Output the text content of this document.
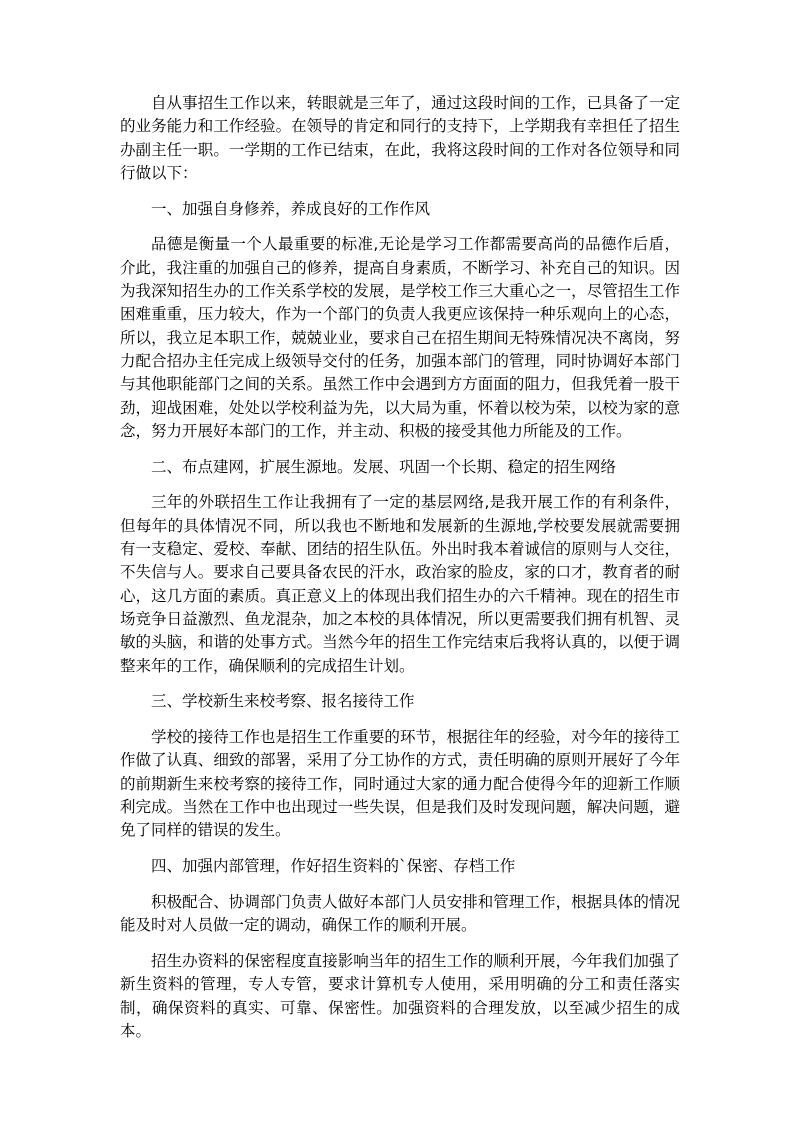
自从事招生工作以来，转眼就是三年了，通过这段时间的工作，已具备了一定的业务能力和工作经验。在领导的肯定和同行的支持下，上学期我有幸担任了招生办副主任一职。一学期的工作已结束，在此，我将这段时间的工作对各位领导和同行做以下：

一、加强自身修养，养成良好的工作作风

品德是衡量一个人最重要的标准,无论是学习工作都需要高尚的品德作后盾，介此，我注重的加强自己的修养，提高自身素质，不断学习、补充自己的知识。因为我深知招生办的工作关系学校的发展，是学校工作三大重心之一，尽管招生工作困难重重，压力较大，作为一个部门的负责人我更应该保持一种乐观向上的心态，所以，我立足本职工作，兢兢业业，要求自己在招生期间无特殊情况决不离岗，努力配合招办主任完成上级领导交付的任务，加强本部门的管理，同时协调好本部门与其他职能部门之间的关系。虽然工作中会遇到方方面面的阻力，但我凭着一股干劲，迎战困难，处处以学校利益为先，以大局为重，怀着以校为荣，以校为家的意念，努力开展好本部门的工作，并主动、积极的接受其他力所能及的工作。

二、布点建网，扩展生源地。发展、巩固一个长期、稳定的招生网络

三年的外联招生工作让我拥有了一定的基层网络,是我开展工作的有利条件，但每年的具体情况不同，所以我也不断地和发展新的生源地,学校要发展就需要拥有一支稳定、爱校、奉献、团结的招生队伍。外出时我本着诚信的原则与人交往，不失信与人。要求自己要具备农民的汗水，政治家的脸皮，家的口才，教育者的耐心，这几方面的素质。真正意义上的体现出我们招生办的六千精神。现在的招生市场竞争日益激烈、鱼龙混杂，加之本校的具体情况，所以更需要我们拥有机智、灵敏的头脑，和谐的处事方式。当然今年的招生工作完结束后我将认真的，以便于调整来年的工作，确保顺利的完成招生计划。

三、学校新生来校考察、报名接待工作

学校的接待工作也是招生工作重要的环节，根据往年的经验，对今年的接待工作做了认真、细致的部署，采用了分工协作的方式，责任明确的原则开展好了今年的前期新生来校考察的接待工作，同时通过大家的通力配合使得今年的迎新工作顺利完成。当然在工作中也出现过一些失误，但是我们及时发现问题，解决问题，避免了同样的错误的发生。

四、加强内部管理，作好招生资料的`保密、存档工作

积极配合、协调部门负责人做好本部门人员安排和管理工作，根据具体的情况能及时对人员做一定的调动，确保工作的顺利开展。

招生办资料的保密程度直接影响当年的招生工作的顺利开展，今年我们加强了新生资料的管理，专人专管，要求计算机专人使用，采用明确的分工和责任落实制，确保资料的真实、可靠、保密性。加强资料的合理发放，以至减少招生的成本。
